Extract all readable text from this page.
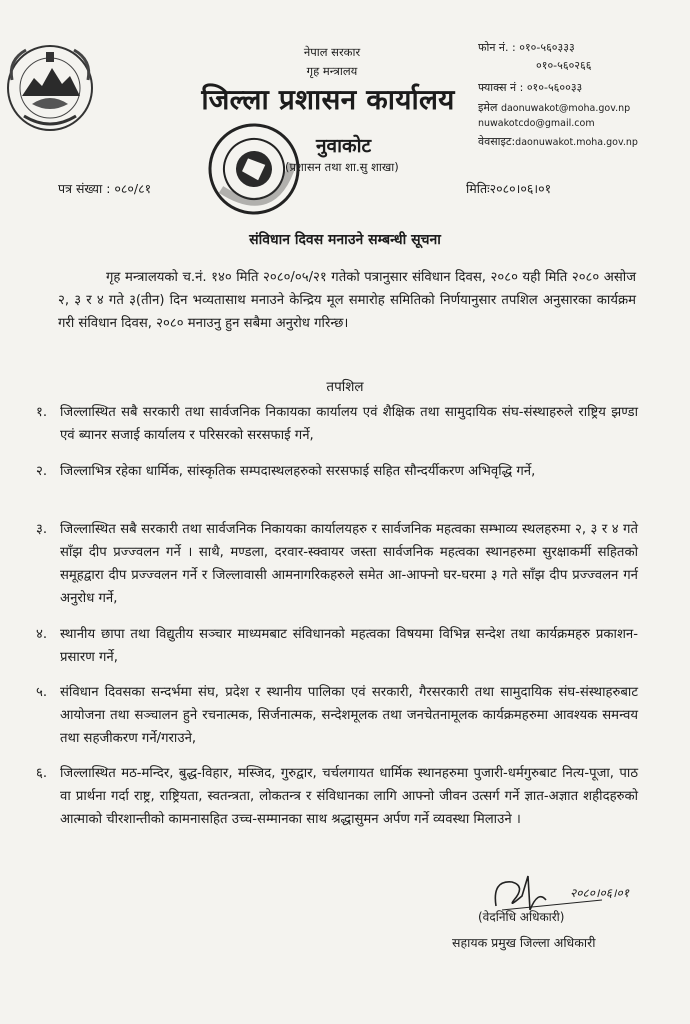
नेपाल सरकार
गृह मन्त्रालय
जिल्ला प्रशासन कार्यालय
नुवाकोट
(प्रशासन तथा शा.सु शाखा)
फोन नं. : ०१०-५६०३३३
०१०-५६०२६६
फ्याक्स नं : ०१०-५६००३३
इमेल daonuwakot@moha.gov.np
nuwakotcdo@gmail.com
वेवसाइट:daonuwakot.moha.gov.np
पत्र संख्या : ०८०/८१	मितिः२०८०।०६।०१
संविधान दिवस मनाउने सम्बन्धी सूचना
गृह मन्त्रालयको च.नं. १४० मिति २०८०/०५/२१ गतेको पत्रानुसार संविधान दिवस, २०८० यही मिति २०८० असोज २, ३ र ४ गते ३(तीन) दिन भव्यतासाथ मनाउने केन्द्रिय मूल समारोह समितिको निर्णयानुसार तपशिल अनुसारका कार्यक्रम गरी संविधान दिवस, २०८० मनाउनु हुन सबैमा अनुरोध गरिन्छ।
तपशिल
१. जिल्लास्थित सबै सरकारी तथा सार्वजनिक निकायका कार्यालय एवं शैक्षिक तथा सामुदायिक संघ-संस्थाहरुले राष्ट्रिय झण्डा एवं ब्यानर सजाई कार्यालय र परिसरको सरसफाई गर्ने,
२. जिल्लाभित्र रहेका धार्मिक, सांस्कृतिक सम्पदास्थलहरुको सरसफाई सहित सौन्दर्यीकरण अभिवृद्धि गर्ने,
३. जिल्लास्थित सबै सरकारी तथा सार्वजनिक निकायका कार्यालयहरु र सार्वजनिक महत्वका सम्भाव्य स्थलहरुमा २, ३ र ४ गते साँझ दीप प्रज्ज्वलन गर्ने । साथै, मण्डला, दरवार-स्क्वायर जस्ता सार्वजनिक महत्वका स्थानहरुमा सुरक्षाकर्मी सहितको समूहद्वारा दीप प्रज्ज्वलन गर्ने र जिल्लावासी आमनागरिकहरुले समेत आ-आफ्नो घर-घरमा ३ गते साँझ दीप प्रज्ज्वलन गर्न अनुरोध गर्ने,
४. स्थानीय छापा तथा विद्युतीय सञ्चार माध्यमबाट संविधानको महत्वका विषयमा विभिन्न सन्देश तथा कार्यक्रमहरु प्रकाशन-प्रसारण गर्ने,
५. संविधान दिवसका सन्दर्भमा संघ, प्रदेश र स्थानीय पालिका एवं सरकारी, गैरसरकारी तथा सामुदायिक संघ-संस्थाहरुबाट आयोजना तथा सञ्चालन हुने रचनात्मक, सिर्जनात्मक, सन्देशमूलक तथा जनचेतनामूलक कार्यक्रमहरुमा आवश्यक समन्वय तथा सहजीकरण गर्ने/गराउने,
६. जिल्लास्थित मठ-मन्दिर, बुद्ध-विहार, मस्जिद, गुरुद्वार, चर्चलगायत धार्मिक स्थानहरुमा पुजारी-धर्मगुरुबाट नित्य-पूजा, पाठ वा प्रार्थना गर्दा राष्ट्र, राष्ट्रियता, स्वतन्त्रता, लोकतन्त्र र संविधानका लागि आफ्नो जीवन उत्सर्ग गर्ने ज्ञात-अज्ञात शहीदहरुको आत्माको चीरशान्तीको कामनासहित उच्च-सम्मानका साथ श्रद्धासुमन अर्पण गर्ने व्यवस्था मिलाउने ।
२०८०।०६।०१
(वेदनिधि अधिकारी)
सहायक प्रमुख जिल्ला अधिकारी
